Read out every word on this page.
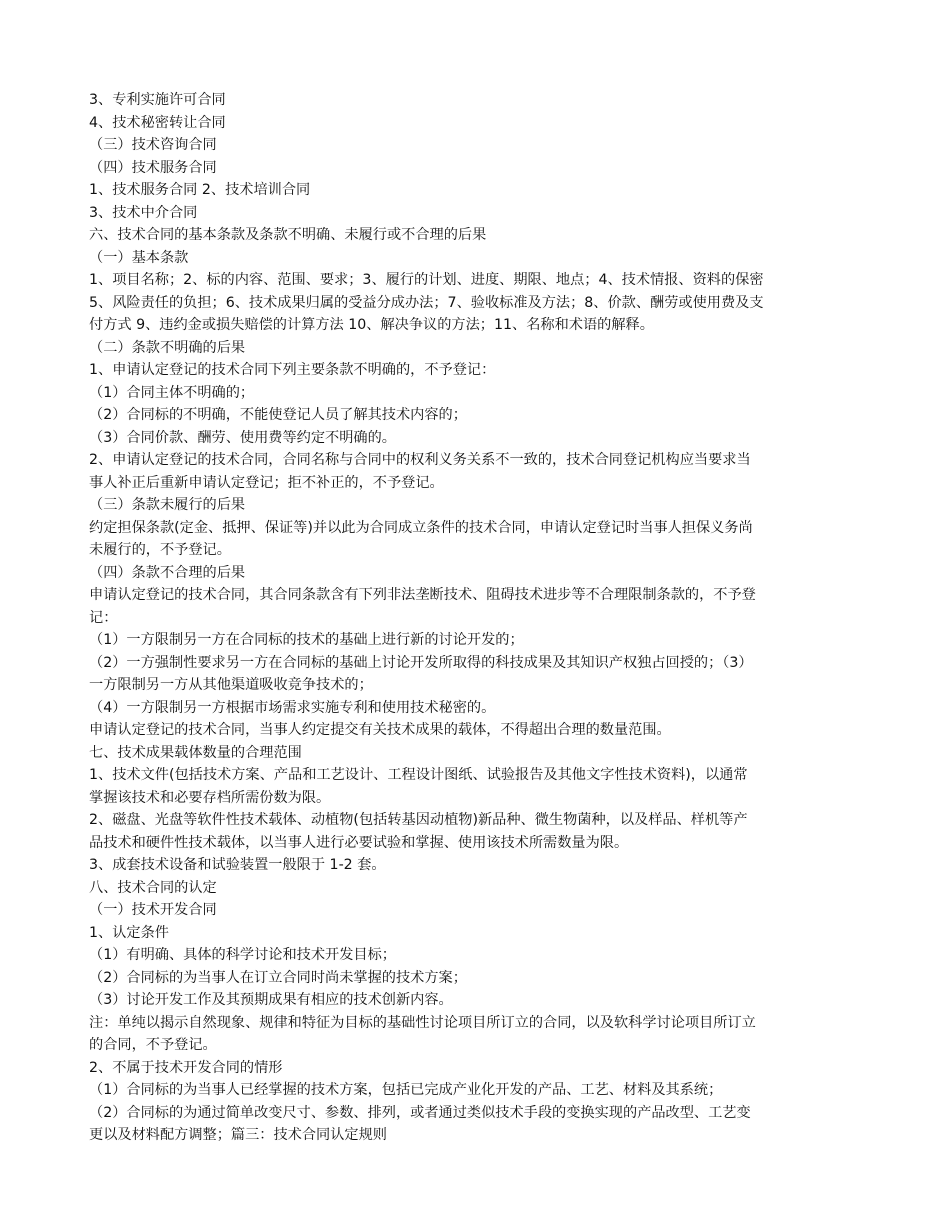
3、专利实施许可合同
4、技术秘密转让合同
（三）技术咨询合同
（四）技术服务合同
1、技术服务合同 2、技术培训合同
3、技术中介合同
六、技术合同的基本条款及条款不明确、未履行或不合理的后果
（一）基本条款
1、项目名称；2、标的内容、范围、要求；3、履行的计划、进度、期限、地点；4、技术情报、资料的保密
5、风险责任的负担；6、技术成果归属的受益分成办法；7、验收标准及方法；8、价款、酬劳或使用费及支
付方式 9、违约金或损失赔偿的计算方法 10、解决争议的方法；11、名称和术语的解释。
（二）条款不明确的后果
1、申请认定登记的技术合同下列主要条款不明确的，不予登记：
（1）合同主体不明确的；
（2）合同标的不明确，不能使登记人员了解其技术内容的；
（3）合同价款、酬劳、使用费等约定不明确的。
2、申请认定登记的技术合同，合同名称与合同中的权利义务关系不一致的，技术合同登记机构应当要求当
事人补正后重新申请认定登记；拒不补正的，不予登记。
（三）条款未履行的后果
约定担保条款(定金、抵押、保证等)并以此为合同成立条件的技术合同，申请认定登记时当事人担保义务尚
未履行的，不予登记。
（四）条款不合理的后果
申请认定登记的技术合同，其合同条款含有下列非法垄断技术、阻碍技术进步等不合理限制条款的，不予登
记：
（1）一方限制另一方在合同标的技术的基础上进行新的讨论开发的；
（2）一方强制性要求另一方在合同标的基础上讨论开发所取得的科技成果及其知识产权独占回授的；（3）
一方限制另一方从其他渠道吸收竞争技术的；
（4）一方限制另一方根据市场需求实施专利和使用技术秘密的。
申请认定登记的技术合同，当事人约定提交有关技术成果的载体，不得超出合理的数量范围。
七、技术成果载体数量的合理范围
1、技术文件(包括技术方案、产品和工艺设计、工程设计图纸、试验报告及其他文字性技术资料)，以通常
掌握该技术和必要存档所需份数为限。
2、磁盘、光盘等软件性技术载体、动植物(包括转基因动植物)新品种、微生物菌种，以及样品、样机等产
品技术和硬件性技术载体，以当事人进行必要试验和掌握、使用该技术所需数量为限。
3、成套技术设备和试验装置一般限于 1-2 套。
八、技术合同的认定
（一）技术开发合同
1、认定条件
（1）有明确、具体的科学讨论和技术开发目标；
（2）合同标的为当事人在订立合同时尚未掌握的技术方案；
（3）讨论开发工作及其预期成果有相应的技术创新内容。
注：单纯以揭示自然现象、规律和特征为目标的基础性讨论项目所订立的合同，以及软科学讨论项目所订立
的合同，不予登记。
2、不属于技术开发合同的情形
（1）合同标的为当事人已经掌握的技术方案，包括已完成产业化开发的产品、工艺、材料及其系统；
（2）合同标的为通过简单改变尺寸、参数、排列，或者通过类似技术手段的变换实现的产品改型、工艺变
更以及材料配方调整；篇三：技术合同认定规则
